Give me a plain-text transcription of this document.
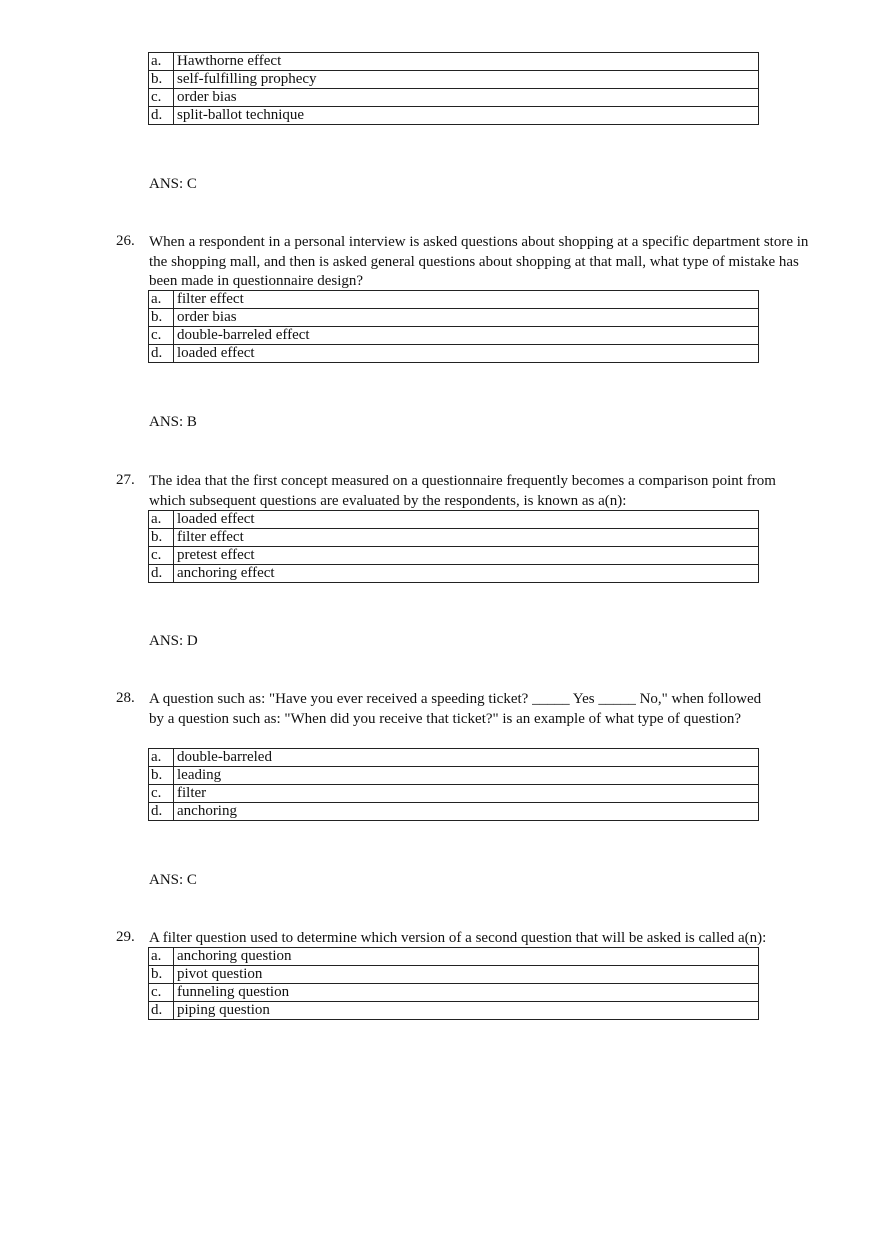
a.	Hawthorne effect
b.	self-fulfilling prophecy
c.	order bias
d.	split-ballot technique
ANS: C
26. When a respondent in a personal interview is asked questions about shopping at a specific department store in the shopping mall, and then is asked general questions about shopping at that mall, what type of mistake has been made in questionnaire design?
a.	filter effect
b.	order bias
c.	double-barreled effect
d.	loaded effect
ANS: B
27. The idea that the first concept measured on a questionnaire frequently becomes a comparison point from which subsequent questions are evaluated by the respondents, is known as a(n):
a.	loaded effect
b.	filter effect
c.	pretest effect
d.	anchoring effect
ANS: D
28. A question such as: "Have you ever received a speeding ticket? _____ Yes _____ No," when followed by a question such as: "When did you receive that ticket?" is an example of what type of question?
a.	double-barreled
b.	leading
c.	filter
d.	anchoring
ANS: C
29. A filter question used to determine which version of a second question that will be asked is called a(n):
a.	anchoring question
b.	pivot question
c.	funneling question
d.	piping question
